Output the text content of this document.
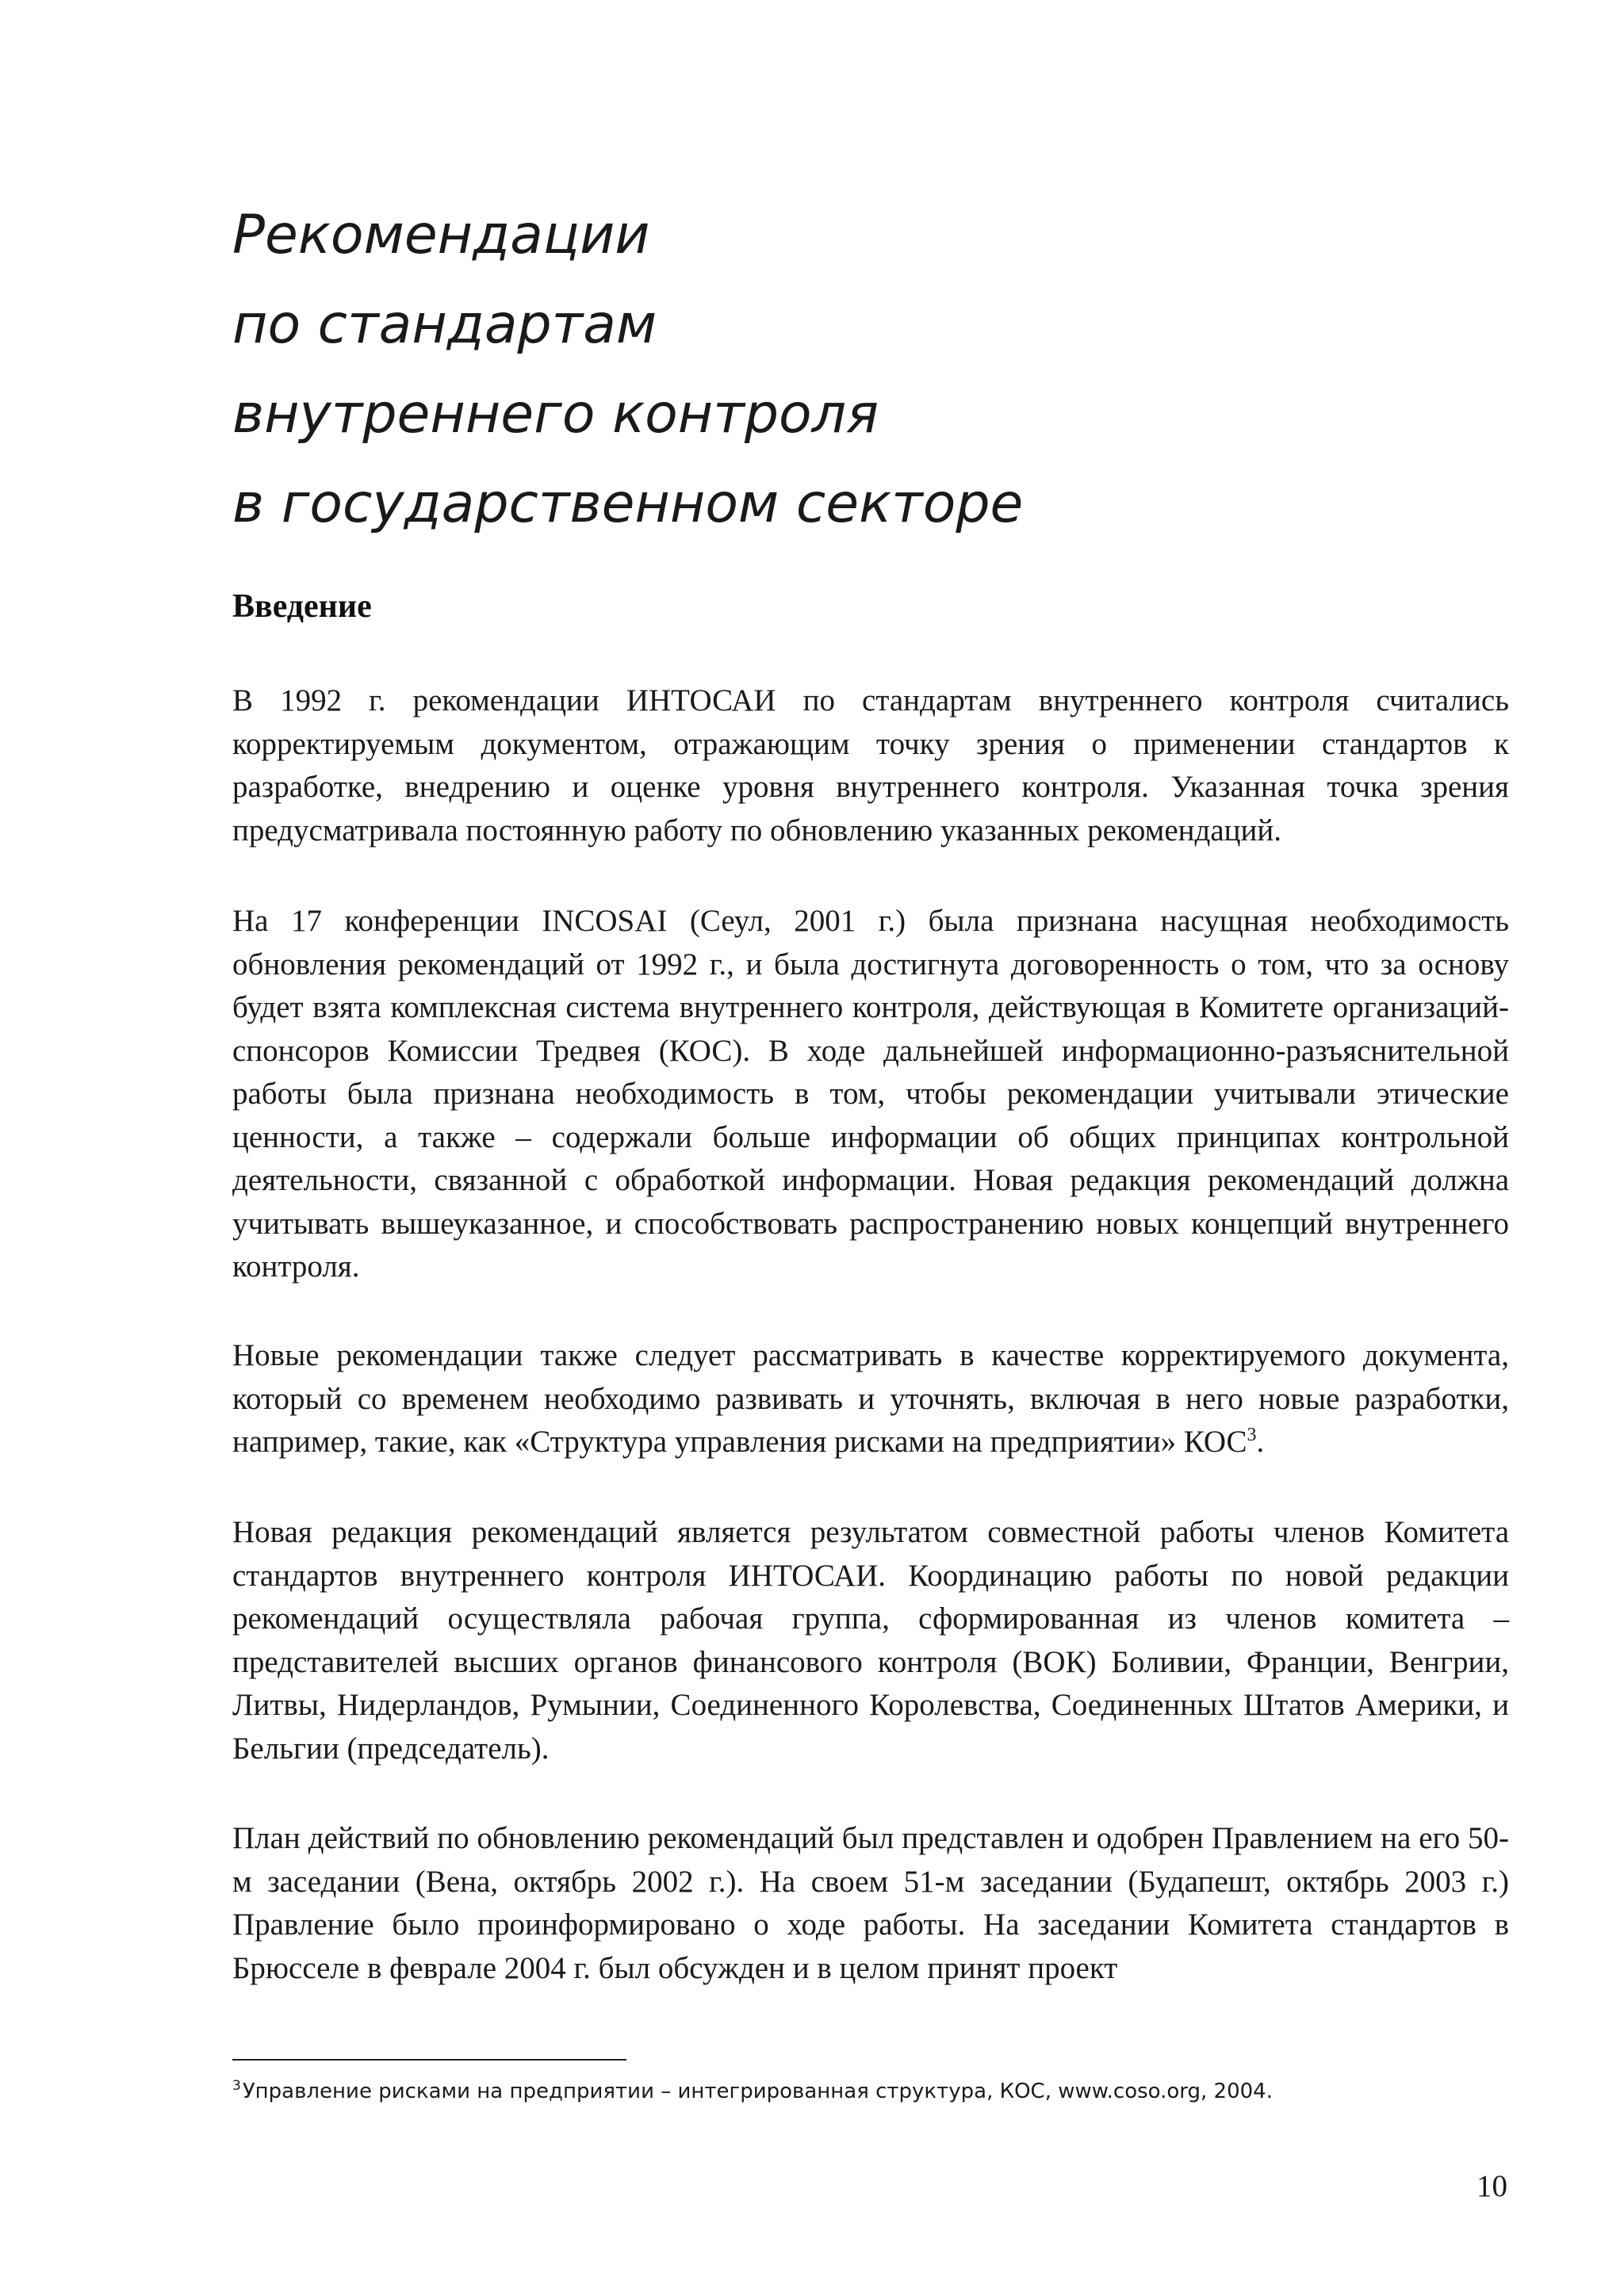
Рекомендации
по стандартам
внутреннего контроля
в государственном секторе
Введение

В 1992 г. рекомендации ИНТОСАИ по стандартам внутреннего контроля считались корректируемым документом, отражающим точку зрения о применении стандартов к разработке, внедрению и оценке уровня внутреннего контроля. Указанная точка зрения предусматривала постоянную работу по обновлению указанных рекомендаций.

На 17 конференции INCOSAI (Сеул, 2001 г.) была признана насущная необходимость обновления рекомендаций от 1992 г., и была достигнута договоренность о том, что за основу будет взята комплексная система внутреннего контроля, действующая в Комитете организаций-спонсоров Комиссии Тредвея (КОС). В ходе дальнейшей информационно-разъяснительной работы была признана необходимость в том, чтобы рекомендации учитывали этические ценности, а также – содержали больше информации об общих принципах контрольной деятельности, связанной с обработкой информации. Новая редакция рекомендаций должна учитывать вышеуказанное, и способствовать распространению новых концепций внутреннего контроля.

Новые рекомендации также следует рассматривать в качестве корректируемого документа, который со временем необходимо развивать и уточнять, включая в него новые разработки, например, такие, как «Структура управления рисками на предприятии» КОС$^3$.

Новая редакция рекомендаций является результатом совместной работы членов Комитета стандартов внутреннего контроля ИНТОСАИ. Координацию работы по новой редакции рекомендаций осуществляла рабочая группа, сформированная из членов комитета – представителей высших органов финансового контроля (ВОК) Боливии, Франции, Венгрии, Литвы, Нидерландов, Румынии, Соединенного Королевства, Соединенных Штатов Америки, и Бельгии (председатель).

План действий по обновлению рекомендаций был представлен и одобрен Правлением на его 50-м заседании (Вена, октябрь 2002 г.). На своем 51-м заседании (Будапешт, октябрь 2003 г.) Правление было проинформировано о ходе работы. На заседании Комитета стандартов в Брюсселе в феврале 2004 г. был обсужден и в целом принят проект

$^3$Управление рисками на предприятии – интегрированная структура, КОС, www.coso.org, 2004.

10
